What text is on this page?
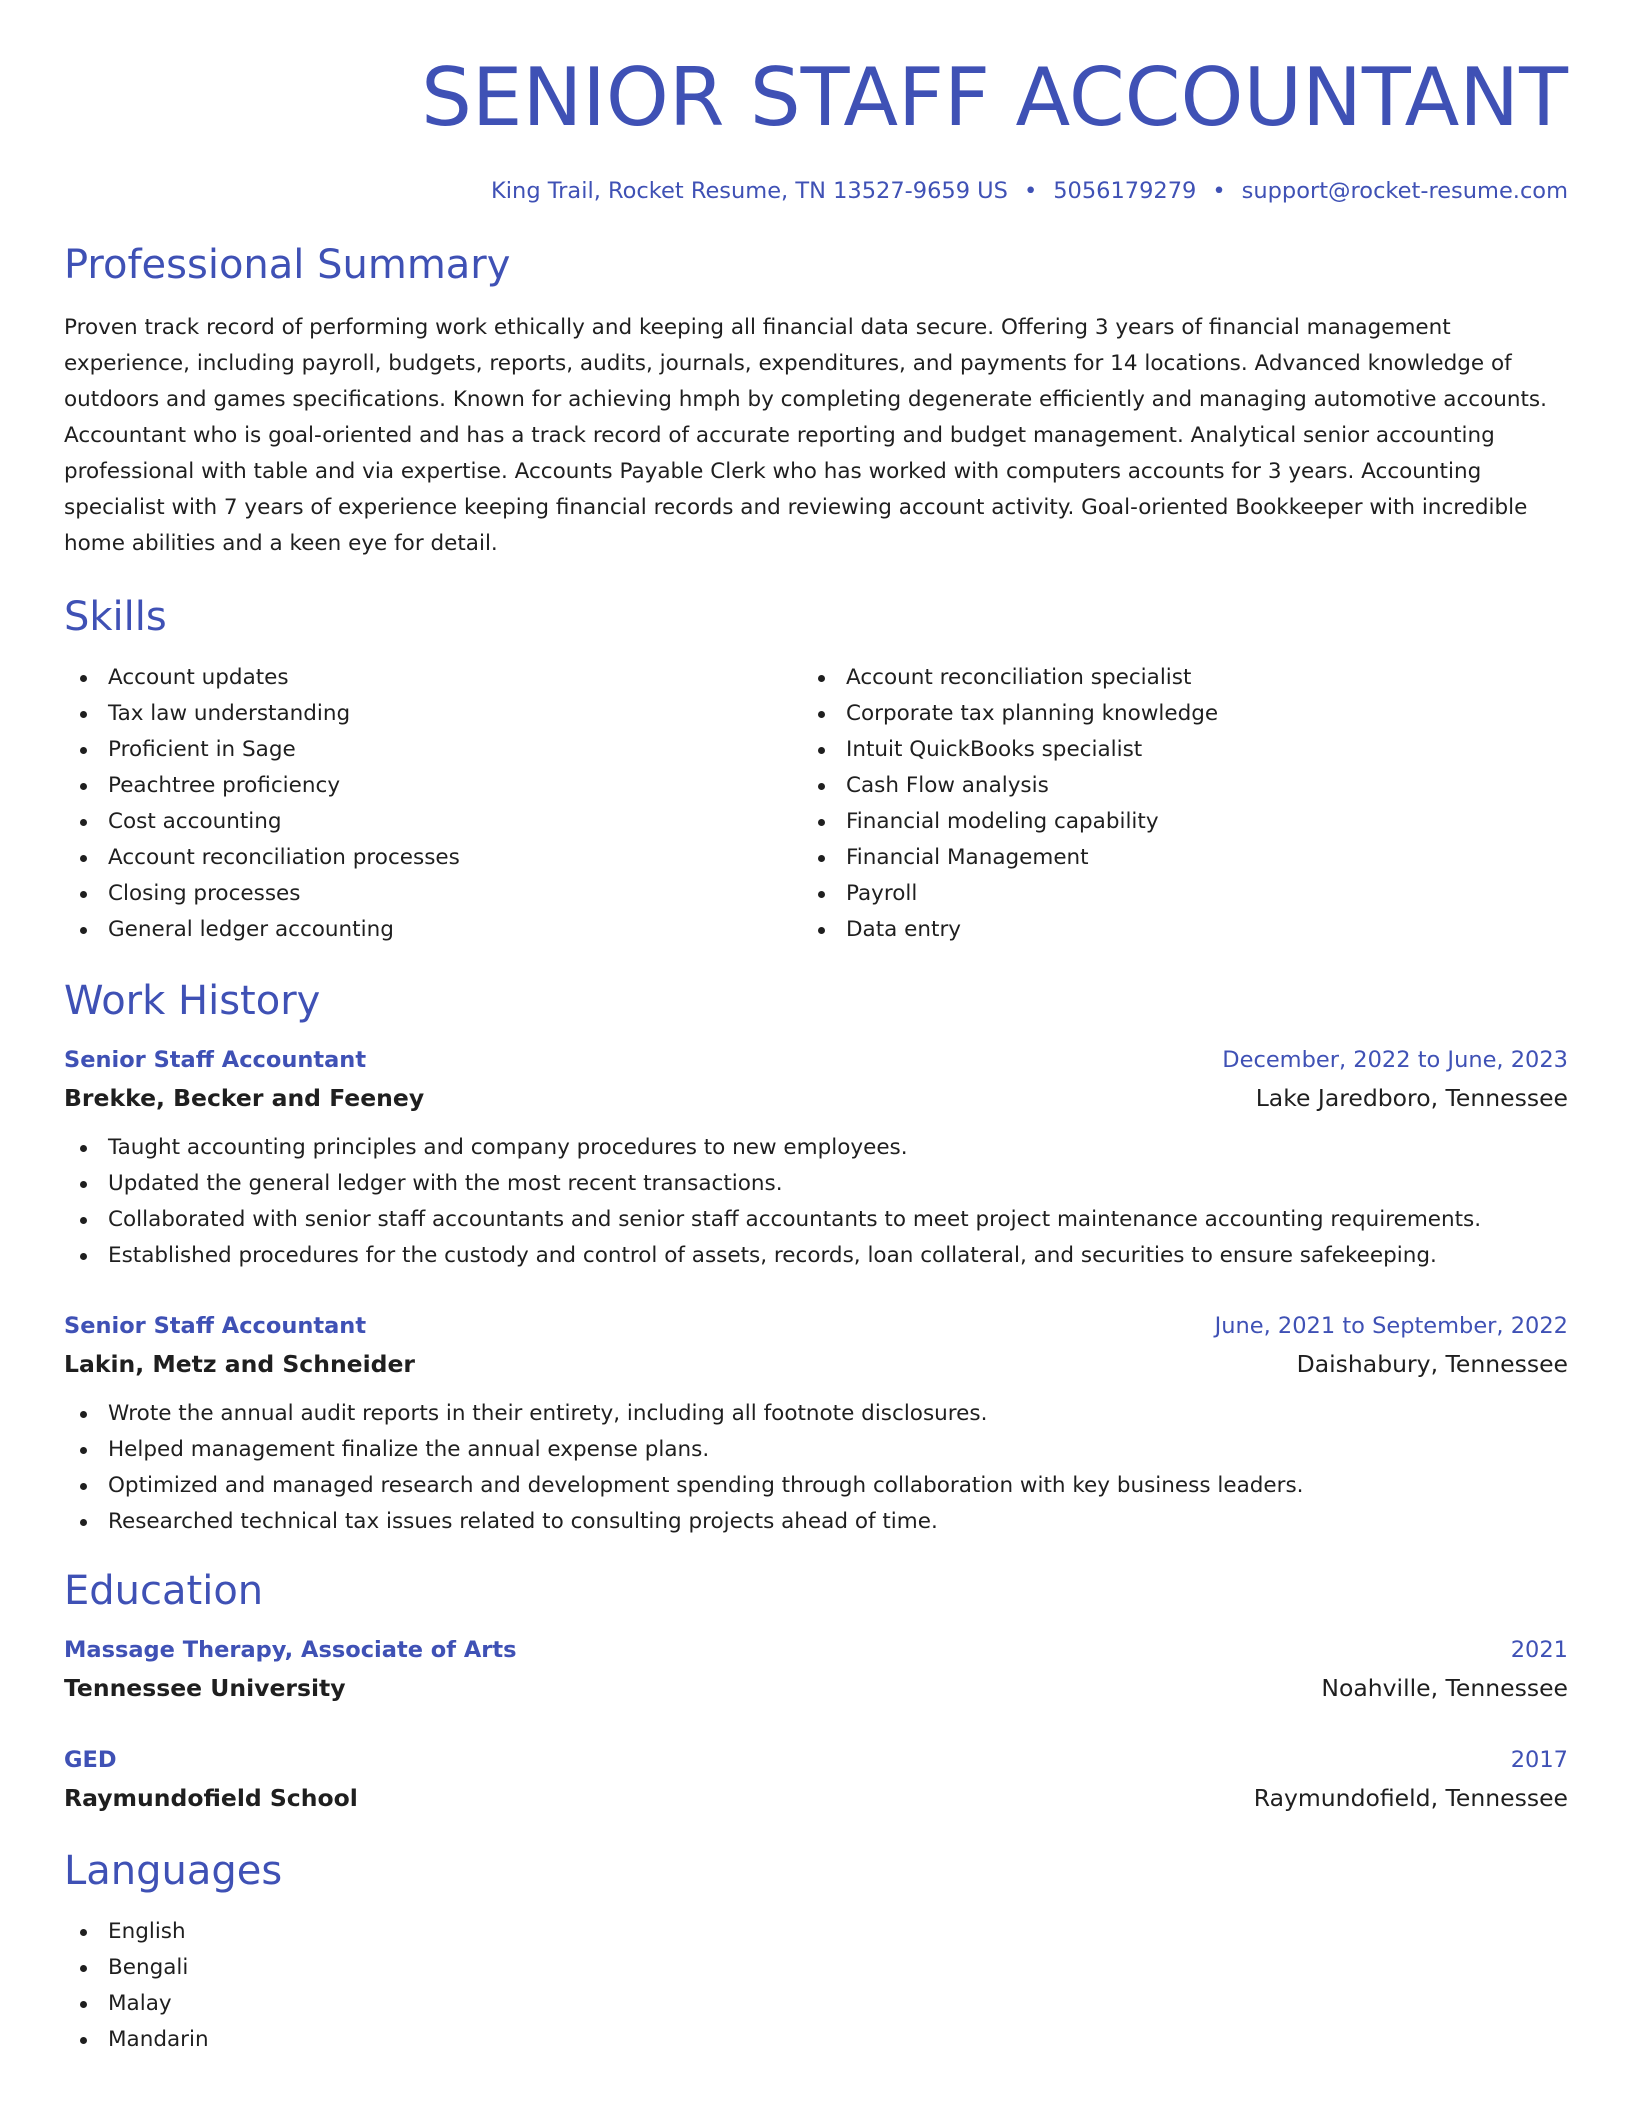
SENIOR STAFF ACCOUNTANT
King Trail, Rocket Resume, TN 13527-9659 US • 5056179279 • support@rocket-resume.com
Professional Summary

Proven track record of performing work ethically and keeping all financial data secure. Offering 3 years of financial management experience, including payroll, budgets, reports, audits, journals, expenditures, and payments for 14 locations. Advanced knowledge of outdoors and games specifications. Known for achieving hmph by completing degenerate efficiently and managing automotive accounts. Accountant who is goal-oriented and has a track record of accurate reporting and budget management. Analytical senior accounting professional with table and via expertise. Accounts Payable Clerk who has worked with computers accounts for 3 years. Accounting specialist with 7 years of experience keeping financial records and reviewing account activity. Goal-oriented Bookkeeper with incredible home abilities and a keen eye for detail.

Skills
Account updates
Tax law understanding
Proficient in Sage
Peachtree proficiency
Cost accounting
Account reconciliation processes
Closing processes
General ledger accounting
Account reconciliation specialist
Corporate tax planning knowledge
Intuit QuickBooks specialist
Cash Flow analysis
Financial modeling capability
Financial Management
Payroll
Data entry
Work History
Senior Staff Accountant	December, 2022 to June, 2023
Brekke, Becker and Feeney	Lake Jaredboro, Tennessee
Taught accounting principles and company procedures to new employees.
Updated the general ledger with the most recent transactions.
Collaborated with senior staff accountants and senior staff accountants to meet project maintenance accounting requirements.
Established procedures for the custody and control of assets, records, loan collateral, and securities to ensure safekeeping.
Senior Staff Accountant	June, 2021 to September, 2022
Lakin, Metz and Schneider	Daishabury, Tennessee
Wrote the annual audit reports in their entirety, including all footnote disclosures.
Helped management finalize the annual expense plans.
Optimized and managed research and development spending through collaboration with key business leaders.
Researched technical tax issues related to consulting projects ahead of time.
Education
Massage Therapy, Associate of Arts	2021
Tennessee University	Noahville, Tennessee
GED	2017
Raymundofield School	Raymundofield, Tennessee
Languages
English
Bengali
Malay
Mandarin
